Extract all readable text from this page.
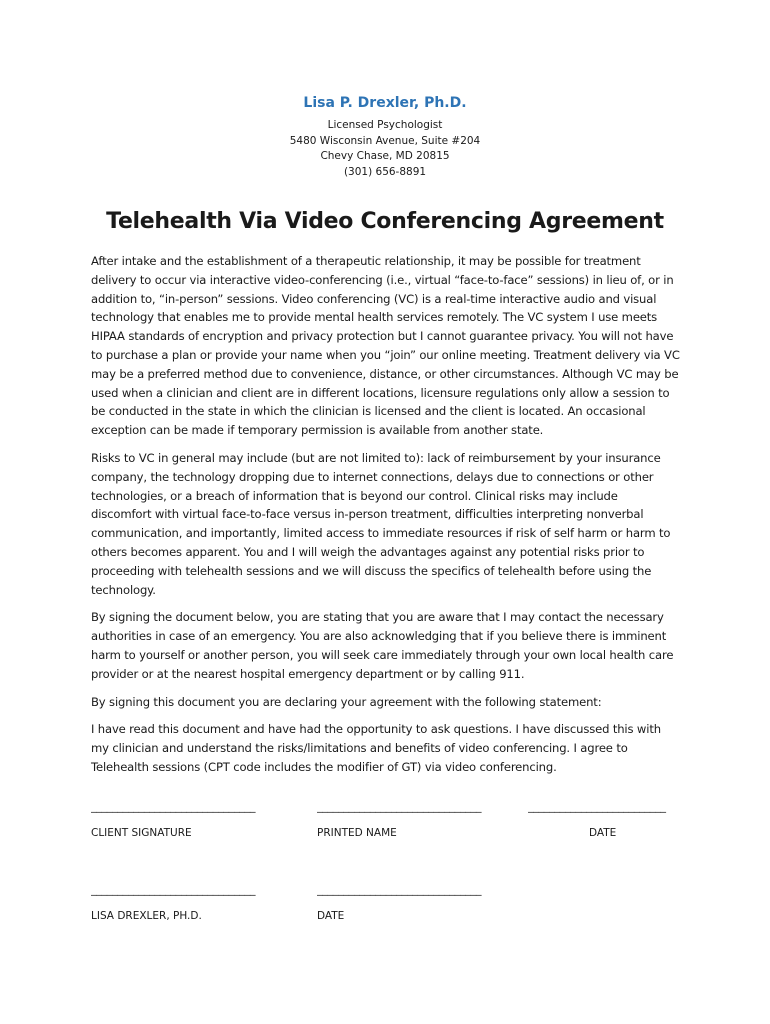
Lisa P. Drexler, Ph.D.

Licensed Psychologist

5480 Wisconsin Avenue, Suite #204

Chevy Chase, MD 20815

(301) 656-8891

Telehealth Via Video Conferencing Agreement

After intake and the establishment of a therapeutic relationship, it may be possible for treatment delivery to occur via interactive video-conferencing (i.e., virtual “face-to-face” sessions) in lieu of, or in addition to, “in-person” sessions. Video conferencing (VC) is a real-time interactive audio and visual technology that enables me to provide mental health services remotely. The VC system I use meets HIPAA standards of encryption and privacy protection but I cannot guarantee privacy. You will not have to purchase a plan or provide your name when you “join” our online meeting. Treatment delivery via VC may be a preferred method due to convenience, distance, or other circumstances. Although VC may be used when a clinician and client are in different locations, licensure regulations only allow a session to be conducted in the state in which the clinician is licensed and the client is located. An occasional exception can be made if temporary permission is available from another state.

Risks to VC in general may include (but are not limited to): lack of reimbursement by your insurance company, the technology dropping due to internet connections, delays due to connections or other technologies, or a breach of information that is beyond our control. Clinical risks may include discomfort with virtual face-to-face versus in-person treatment, difficulties interpreting nonverbal communication, and importantly, limited access to immediate resources if risk of self harm or harm to others becomes apparent. You and I will weigh the advantages against any potential risks prior to proceeding with telehealth sessions and we will discuss the specifics of telehealth before using the technology.

By signing the document below, you are stating that you are aware that I may contact the necessary authorities in case of an emergency. You are also acknowledging that if you believe there is imminent harm to yourself or another person, you will seek care immediately through your own local health care provider or at the nearest hospital emergency department or by calling 911.

By signing this document you are declaring your agreement with the following statement:

I have read this document and have had the opportunity to ask questions. I have discussed this with my clinician and understand the risks/limitations and benefits of video conferencing. I agree to Telehealth sessions (CPT code includes the modifier of GT) via video conferencing.

_______________________________	_______________________________	__________________________
CLIENT SIGNATURE	PRINTED NAME	DATE
_______________________________	_______________________________
LISA DREXLER, PH.D.	DATE
